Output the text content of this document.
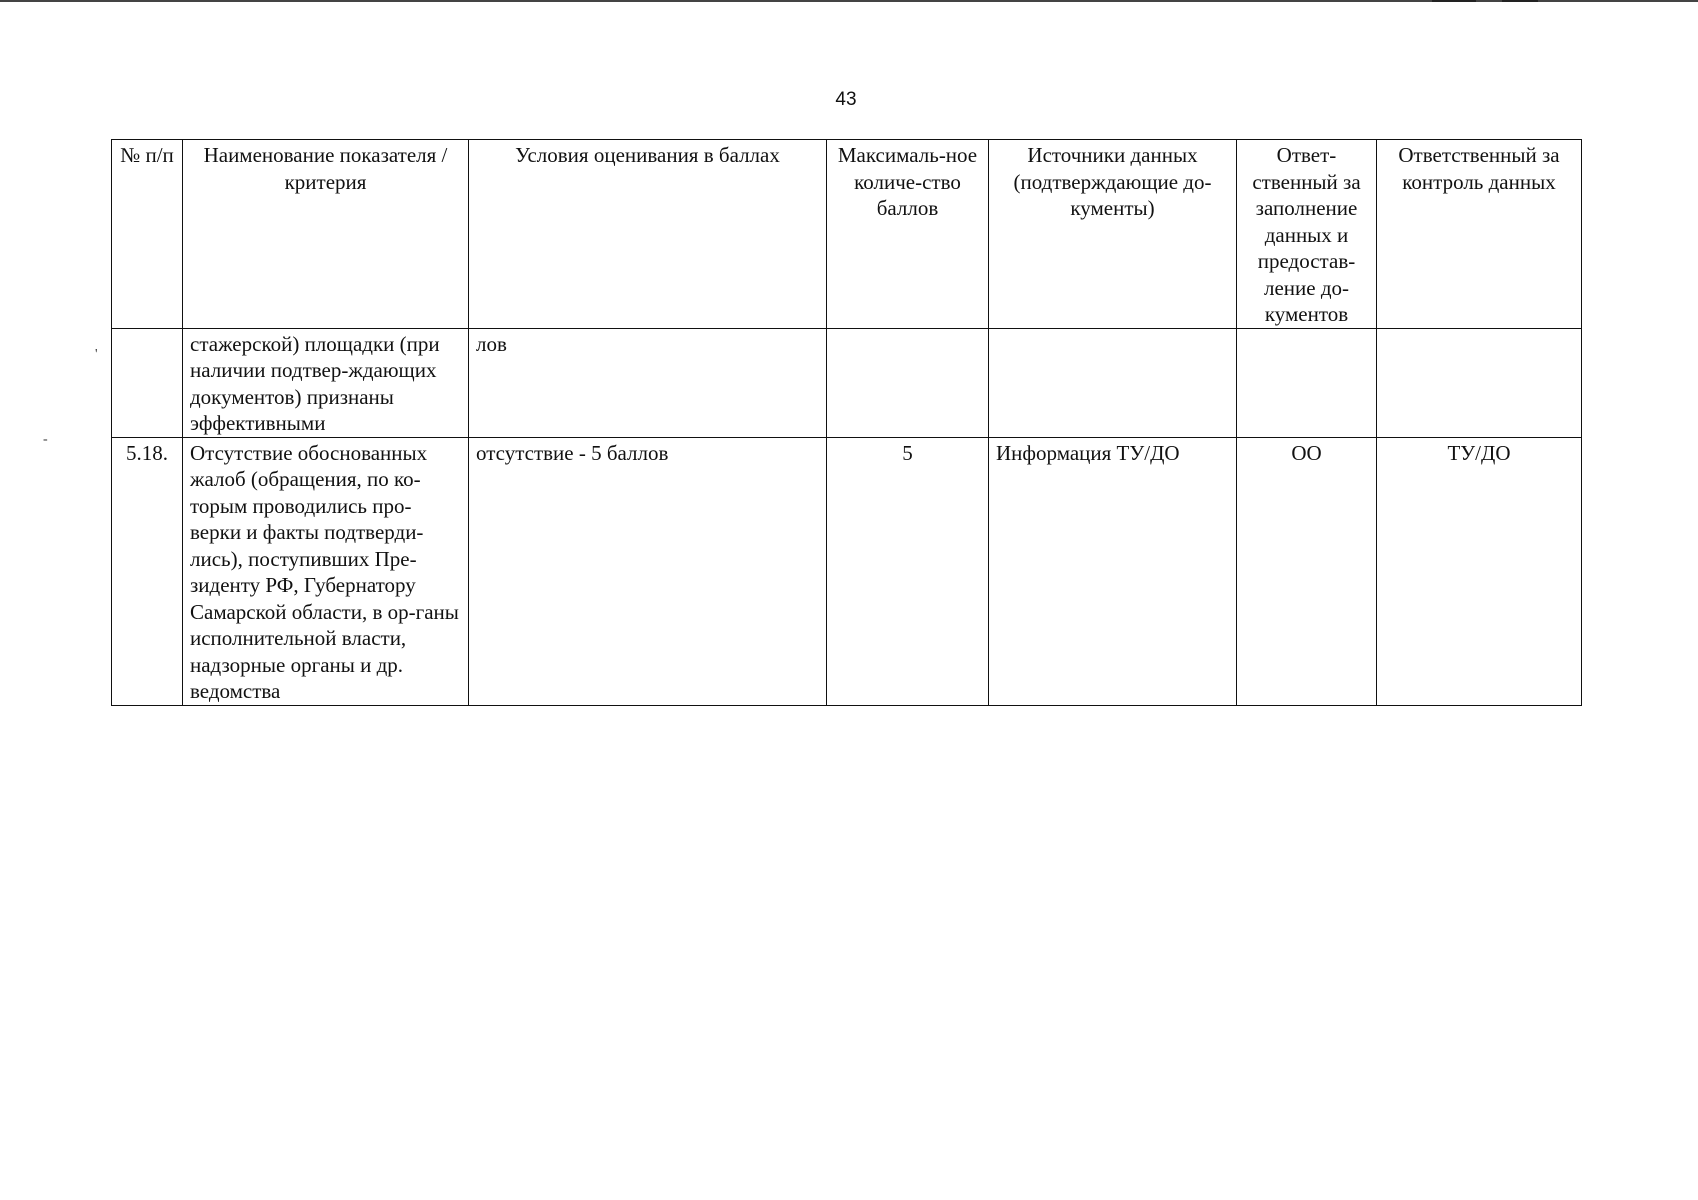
43
'
-
№ п/п	Наименование показателя / критерия	Условия оценивания в баллах	Максималь-ное количе-ство баллов	Источники данных (подтверждающие до-кументы)	Ответ-ственный за заполнение данных и предостав-ление до-кументов	Ответственный за контроль данных
	стажерской) площадки (при наличии подтвер-ждающих документов) признаны эффективными	лов				
5.18.	Отсутствие обоснованных жалоб (обращения, по ко-торым проводились про-верки и факты подтверди-лись), поступивших Пре-зиденту РФ, Губернатору Самарской области, в ор-ганы исполнительной власти, надзорные органы и др. ведомства	отсутствие - 5 баллов	5	Информация ТУ/ДО	ОО	ТУ/ДО
